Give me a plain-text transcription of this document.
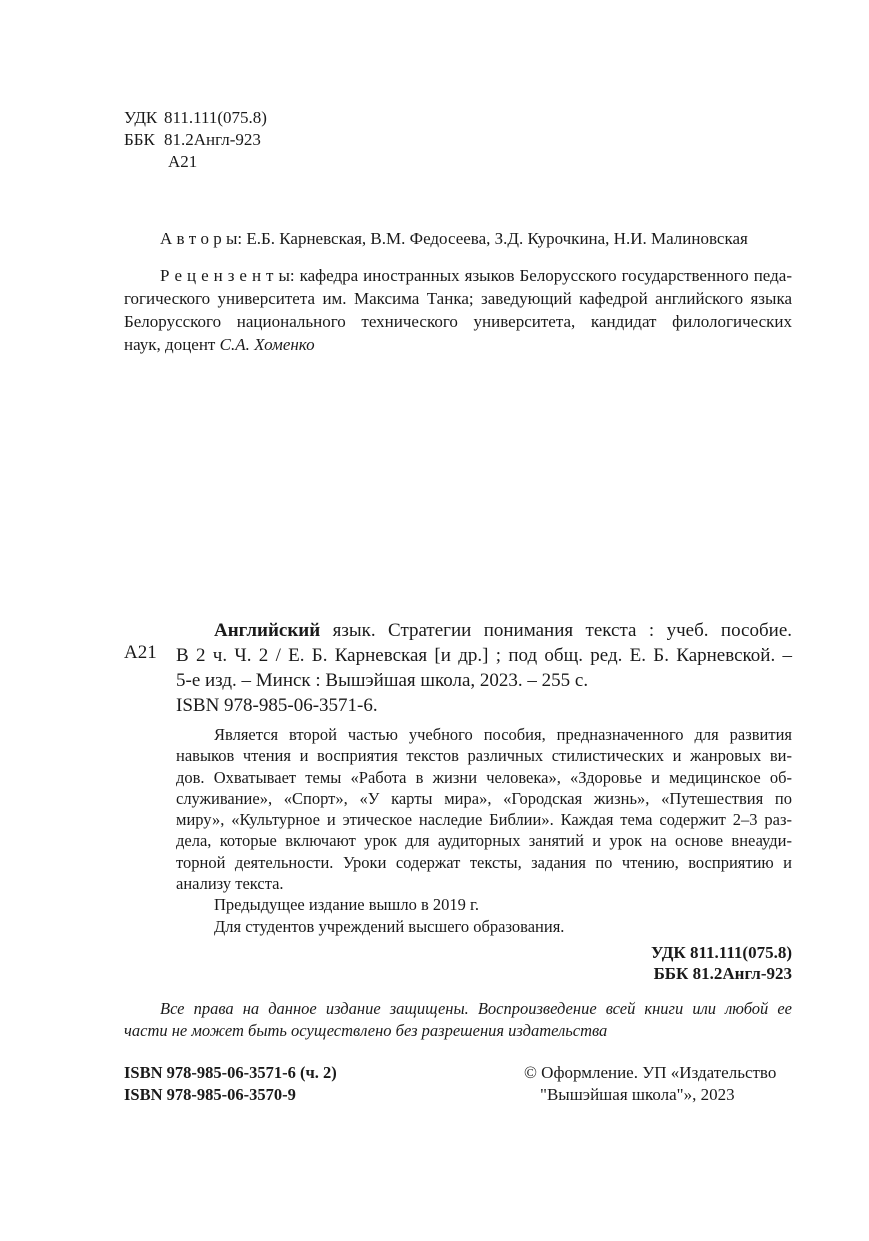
УДК 811.111(075.8)
ББК 81.2Англ-923
А21
А в т о р ы: Е.Б. Карневская, В.М. Федосеева, З.Д. Курочкина, Н.И. Малиновская
Р е ц е н з е н т ы: кафедра иностранных языков Белорусского государственного педа-
гогического университета им. Максима Танка; заведующий кафедрой английского языка
Белорусского национального технического университета, кандидат филологических
наук, доцент С.А. Хоменко
А21
Английский язык. Стратегии понимания текста : учеб. пособие.
В 2 ч. Ч. 2 / Е. Б. Карневская [и др.] ; под общ. ред. Е. Б. Карневской. –
5-е изд. – Минск : Вышэйшая школа, 2023. – 255 с.
ISBN 978-985-06-3571-6.
Является второй частью учебного пособия, предназначенного для развития
навыков чтения и восприятия текстов различных стилистических и жанровых ви-
дов. Охватывает темы «Работа в жизни человека», «Здоровье и медицинское об-
служивание», «Спорт», «У карты мира», «Городская жизнь», «Путешествия по
миру», «Культурное и этическое наследие Библии». Каждая тема содержит 2–3 раз-
дела, которые включают урок для аудиторных занятий и урок на основе внеауди-
торной деятельности. Уроки содержат тексты, задания по чтению, восприятию и
анализу текста.
Предыдущее издание вышло в 2019 г.
Для студентов учреждений высшего образования.
УДК 811.111(075.8)
ББК 81.2Англ-923
Все права на данное издание защищены. Воспроизведение всей книги или любой ее
части не может быть осуществлено без разрешения издательства
ISBN 978-985-06-3571-6 (ч. 2)
ISBN 978-985-06-3570-9
© Оформление. УП «Издательство
"Вышэйшая школа"», 2023
